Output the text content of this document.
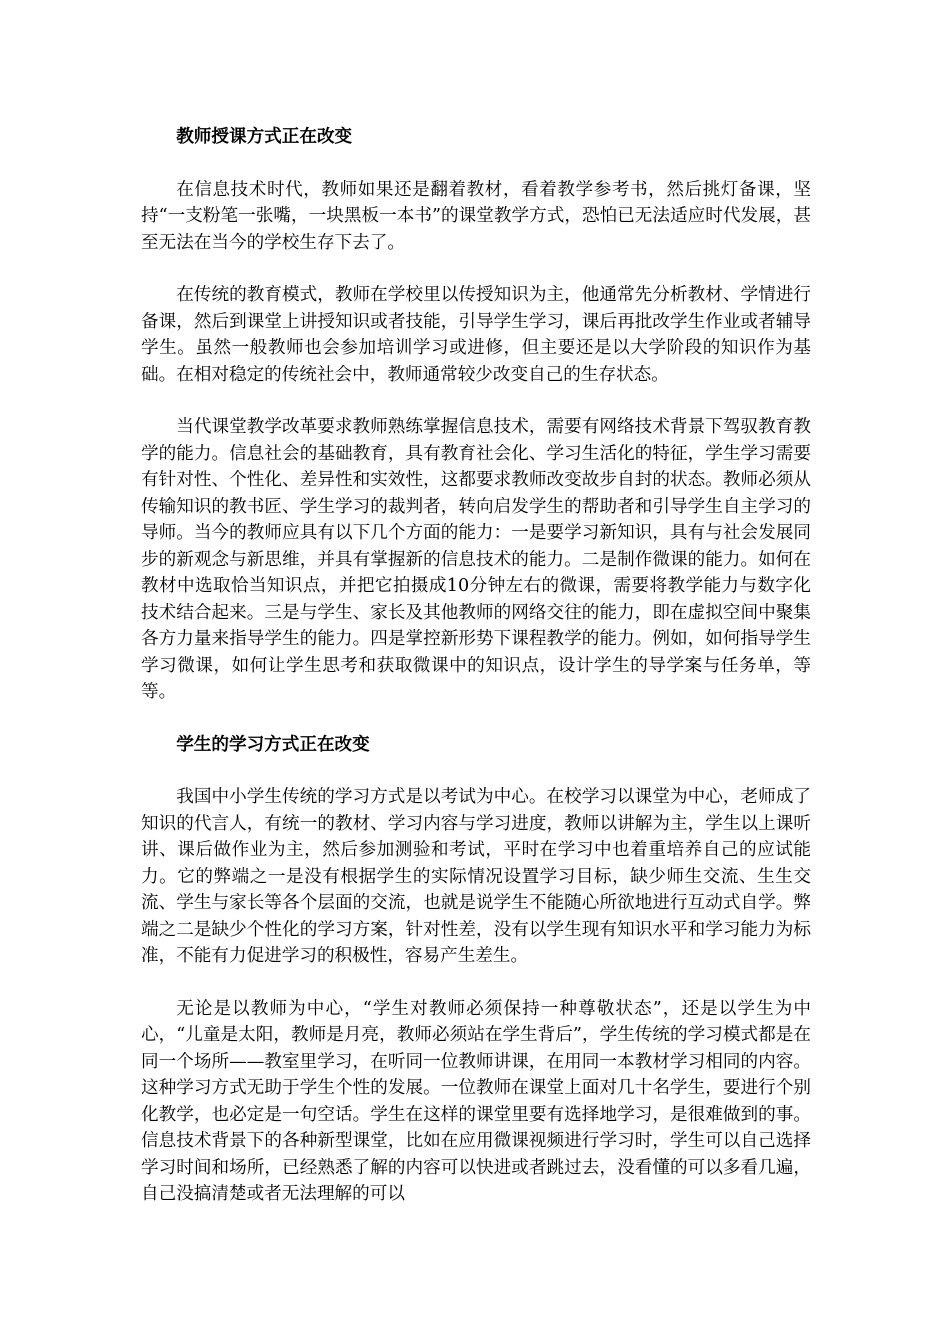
教师授课方式正在改变

在信息技术时代，教师如果还是翻着教材，看着教学参考书，然后挑灯备课，坚持“一支粉笔一张嘴，一块黑板一本书”的课堂教学方式，恐怕已无法适应时代发展，甚至无法在当今的学校生存下去了。

在传统的教育模式，教师在学校里以传授知识为主，他通常先分析教材、学情进行备课，然后到课堂上讲授知识或者技能，引导学生学习，课后再批改学生作业或者辅导学生。虽然一般教师也会参加培训学习或进修，但主要还是以大学阶段的知识作为基础。在相对稳定的传统社会中，教师通常较少改变自己的生存状态。

当代课堂教学改革要求教师熟练掌握信息技术，需要有网络技术背景下驾驭教育教学的能力。信息社会的基础教育，具有教育社会化、学习生活化的特征，学生学习需要有针对性、个性化、差异性和实效性，这都要求教师改变故步自封的状态。教师必须从传输知识的教书匠、学生学习的裁判者，转向启发学生的帮助者和引导学生自主学习的导师。当今的教师应具有以下几个方面的能力：一是要学习新知识，具有与社会发展同步的新观念与新思维，并具有掌握新的信息技术的能力。二是制作微课的能力。如何在教材中选取恰当知识点，并把它拍摄成10分钟左右的微课，需要将教学能力与数字化技术结合起来。三是与学生、家长及其他教师的网络交往的能力，即在虚拟空间中聚集各方力量来指导学生的能力。四是掌控新形势下课程教学的能力。例如，如何指导学生学习微课，如何让学生思考和获取微课中的知识点，设计学生的导学案与任务单，等等。

学生的学习方式正在改变

我国中小学生传统的学习方式是以考试为中心。在校学习以课堂为中心，老师成了知识的代言人，有统一的教材、学习内容与学习进度，教师以讲解为主，学生以上课听讲、课后做作业为主，然后参加测验和考试，平时在学习中也着重培养自己的应试能力。它的弊端之一是没有根据学生的实际情况设置学习目标，缺少师生交流、生生交流、学生与家长等各个层面的交流，也就是说学生不能随心所欲地进行互动式自学。弊端之二是缺少个性化的学习方案，针对性差，没有以学生现有知识水平和学习能力为标准，不能有力促进学习的积极性，容易产生差生。

无论是以教师为中心，“学生对教师必须保持一种尊敬状态”，还是以学生为中心，“儿童是太阳，教师是月亮，教师必须站在学生背后”，学生传统的学习模式都是在同一个场所——教室里学习，在听同一位教师讲课，在用同一本教材学习相同的内容。这种学习方式无助于学生个性的发展。一位教师在课堂上面对几十名学生，要进行个别化教学，也必定是一句空话。学生在这样的课堂里要有选择地学习，是很难做到的事。信息技术背景下的各种新型课堂，比如在应用微课视频进行学习时，学生可以自己选择学习时间和场所，已经熟悉了解的内容可以快进或者跳过去，没看懂的可以多看几遍，自己没搞清楚或者无法理解的可以
